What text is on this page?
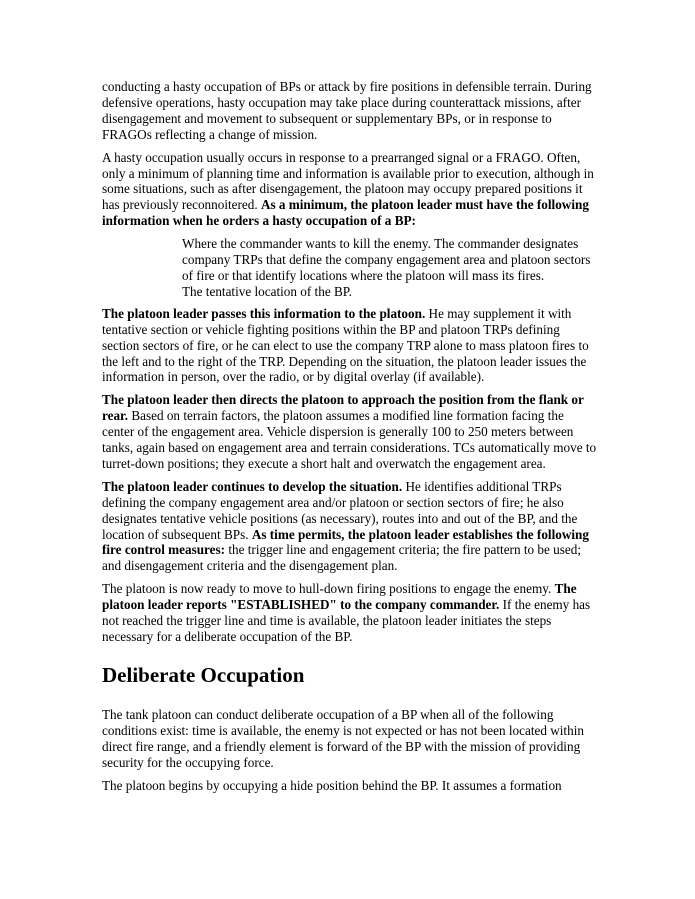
conducting a hasty occupation of BPs or attack by fire positions in defensible terrain. During defensive operations, hasty occupation may take place during counterattack missions, after disengagement and movement to subsequent or supplementary BPs, or in response to FRAGOs reflecting a change of mission.

A hasty occupation usually occurs in response to a prearranged signal or a FRAGO. Often, only a minimum of planning time and information is available prior to execution, although in some situations, such as after disengagement, the platoon may occupy prepared positions it has previously reconnoitered. As a minimum, the platoon leader must have the following information when he orders a hasty occupation of a BP:

Where the commander wants to kill the enemy. The commander designates company TRPs that define the company engagement area and platoon sectors of fire or that identify locations where the platoon will mass its fires.
The tentative location of the BP.

The platoon leader passes this information to the platoon. He may supplement it with tentative section or vehicle fighting positions within the BP and platoon TRPs defining section sectors of fire, or he can elect to use the company TRP alone to mass platoon fires to the left and to the right of the TRP. Depending on the situation, the platoon leader issues the information in person, over the radio, or by digital overlay (if available).

The platoon leader then directs the platoon to approach the position from the flank or rear. Based on terrain factors, the platoon assumes a modified line formation facing the center of the engagement area. Vehicle dispersion is generally 100 to 250 meters between tanks, again based on engagement area and terrain considerations. TCs automatically move to turret-down positions; they execute a short halt and overwatch the engagement area.

The platoon leader continues to develop the situation. He identifies additional TRPs defining the company engagement area and/or platoon or section sectors of fire; he also designates tentative vehicle positions (as necessary), routes into and out of the BP, and the location of subsequent BPs. As time permits, the platoon leader establishes the following fire control measures: the trigger line and engagement criteria; the fire pattern to be used; and disengagement criteria and the disengagement plan.

The platoon is now ready to move to hull-down firing positions to engage the enemy. The platoon leader reports "ESTABLISHED" to the company commander. If the enemy has not reached the trigger line and time is available, the platoon leader initiates the steps necessary for a deliberate occupation of the BP.

Deliberate Occupation

The tank platoon can conduct deliberate occupation of a BP when all of the following conditions exist: time is available, the enemy is not expected or has not been located within direct fire range, and a friendly element is forward of the BP with the mission of providing security for the occupying force.

The platoon begins by occupying a hide position behind the BP. It assumes a formation
